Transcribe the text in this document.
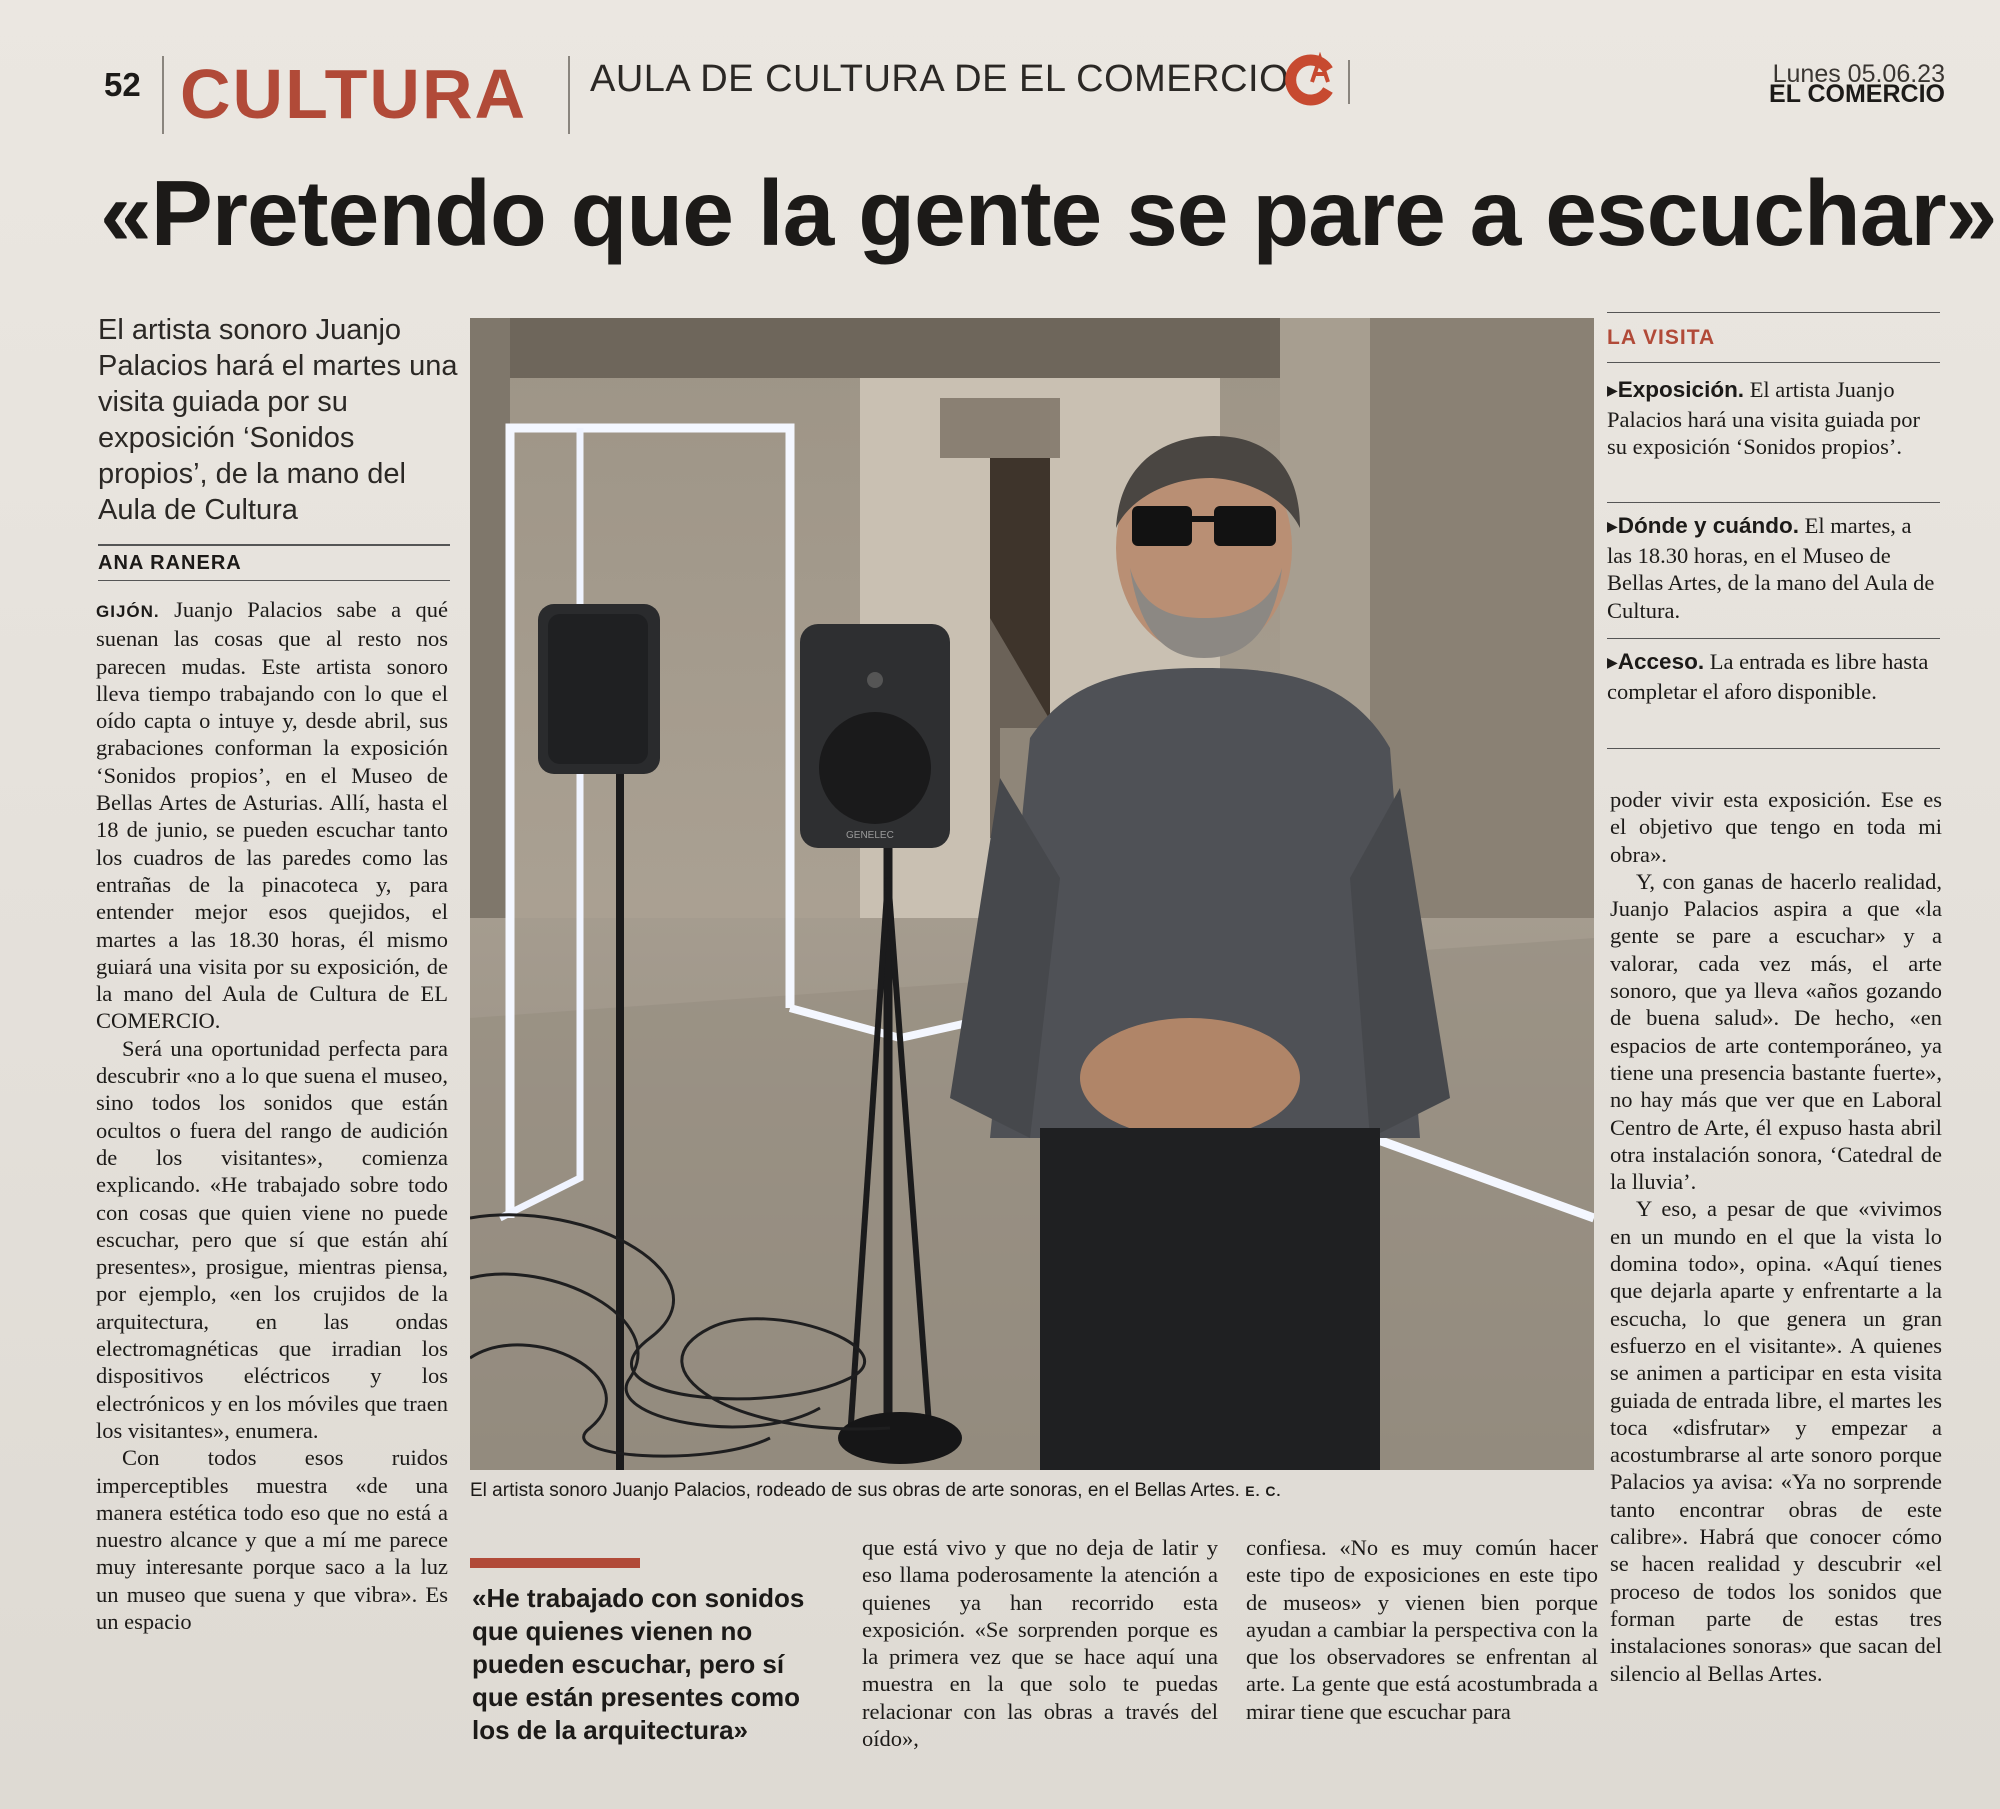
52 CULTURA AULA DE CULTURA DE EL COMERCIO	Lunes 05.06.23
EL COMERCIO
«Pretendo que la gente se pare a escuchar»
El artista sonoro Juanjo Palacios hará el martes una visita guiada por su exposición ‘Sonidos propios’, de la mano del Aula de Cultura
ANA RANERA

GIJÓN. Juanjo Palacios sabe a qué suenan las cosas que al resto nos parecen mudas. Este artista sonoro lleva tiempo trabajando con lo que el oído capta o intuye y, desde abril, sus grabaciones conforman la exposición ‘Sonidos propios’, en el Museo de Bellas Artes de Asturias. Allí, hasta el 18 de junio, se pueden escuchar tanto los cuadros de las paredes como las entrañas de la pinacoteca y, para entender mejor esos quejidos, el martes a las 18.30 horas, él mismo guiará una visita por su exposición, de la mano del Aula de Cultura de EL COMERCIO.

Será una oportunidad perfecta para descubrir «no a lo que suena el museo, sino todos los sonidos que están ocultos o fuera del rango de audición de los visitantes», comienza explicando. «He trabajado sobre todo con cosas que quien viene no puede escuchar, pero que sí que están ahí presentes», prosigue, mientras piensa, por ejemplo, «en los crujidos de la arquitectura, en las ondas electromagnéticas que irradian los dispositivos eléctricos y los electrónicos y en los móviles que traen los visitantes», enumera.

Con todos esos ruidos imperceptibles muestra «de una manera estética todo eso que no está a nuestro alcance y que a mí me parece muy interesante porque saco a la luz un museo que suena y que vibra». Es un espacio

GENELEC
El artista sonoro Juanjo Palacios, rodeado de sus obras de arte sonoras, en el Bellas Artes. E. C.
LA VISITA
▶Exposición. El artista Juanjo Palacios hará una visita guiada por su exposición ‘Sonidos propios’.
▶Dónde y cuándo. El martes, a las 18.30 horas, en el Museo de Bellas Artes, de la mano del Aula de Cultura.
▶Acceso. La entrada es libre hasta completar el aforo disponible.

poder vivir esta exposición. Ese es el objetivo que tengo en toda mi obra».

Y, con ganas de hacerlo realidad, Juanjo Palacios aspira a que «la gente se pare a escuchar» y a valorar, cada vez más, el arte sonoro, que ya lleva «años gozando de buena salud». De hecho, «en espacios de arte contemporáneo, ya tiene una presencia bastante fuerte», no hay más que ver que en Laboral Centro de Arte, él expuso hasta abril otra instalación sonora, ‘Catedral de la lluvia’.

Y eso, a pesar de que «vivimos en un mundo en el que la vista lo domina todo», opina. «Aquí tienes que dejarla aparte y enfrentarte a la escucha, lo que genera un gran esfuerzo en el visitante». A quienes se animen a participar en esta visita guiada de entrada libre, el martes les toca «disfrutar» y empezar a acostumbrarse al arte sonoro porque Palacios ya avisa: «Ya no sorprende tanto encontrar obras de este calibre». Habrá que conocer cómo se hacen realidad y descubrir «el proceso de todos los sonidos que forman parte de estas tres instalaciones sonoras» que sacan del silencio al Bellas Artes.

«He trabajado con sonidos que quienes vienen no pueden escuchar, pero sí que están presentes como los de la arquitectura»

que está vivo y que no deja de latir y eso llama poderosamente la atención a quienes ya han recorrido esta exposición. «Se sorprenden porque es la primera vez que se hace aquí una muestra en la que solo te puedas relacionar con las obras a través del oído»,

confiesa. «No es muy común hacer este tipo de exposiciones en este tipo de museos» y vienen bien porque ayudan a cambiar la perspectiva con la que los observadores se enfrentan al arte. La gente que está acostumbrada a mirar tiene que escuchar para
